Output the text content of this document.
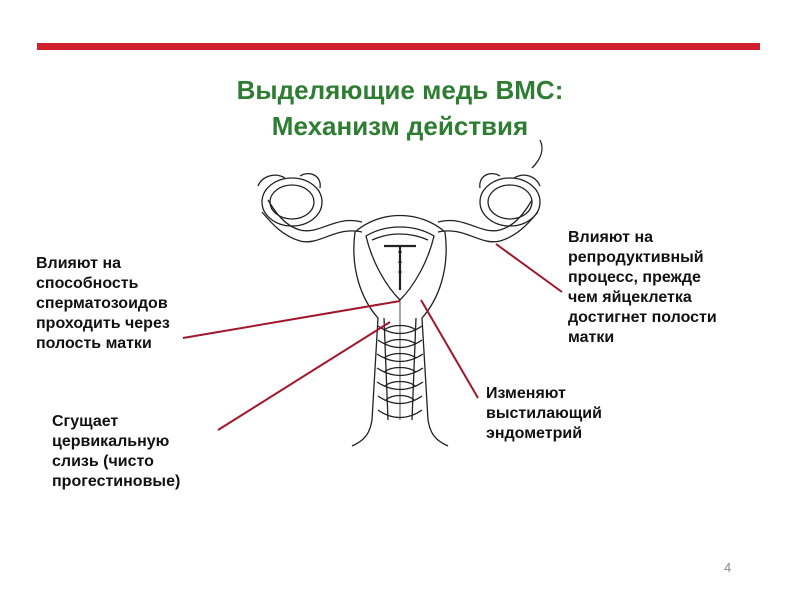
Выделяющие медь ВМС:
Механизм действия
Влияют на
способность
сперматозоидов
проходить через
полость матки
Влияют на
репродуктивный
процесс, прежде
чем яйцеклетка
достигнет полости
матки
Изменяют
выстилающий
эндометрий
Сгущает
цервикальную
слизь (чисто
прогестиновые)
4
